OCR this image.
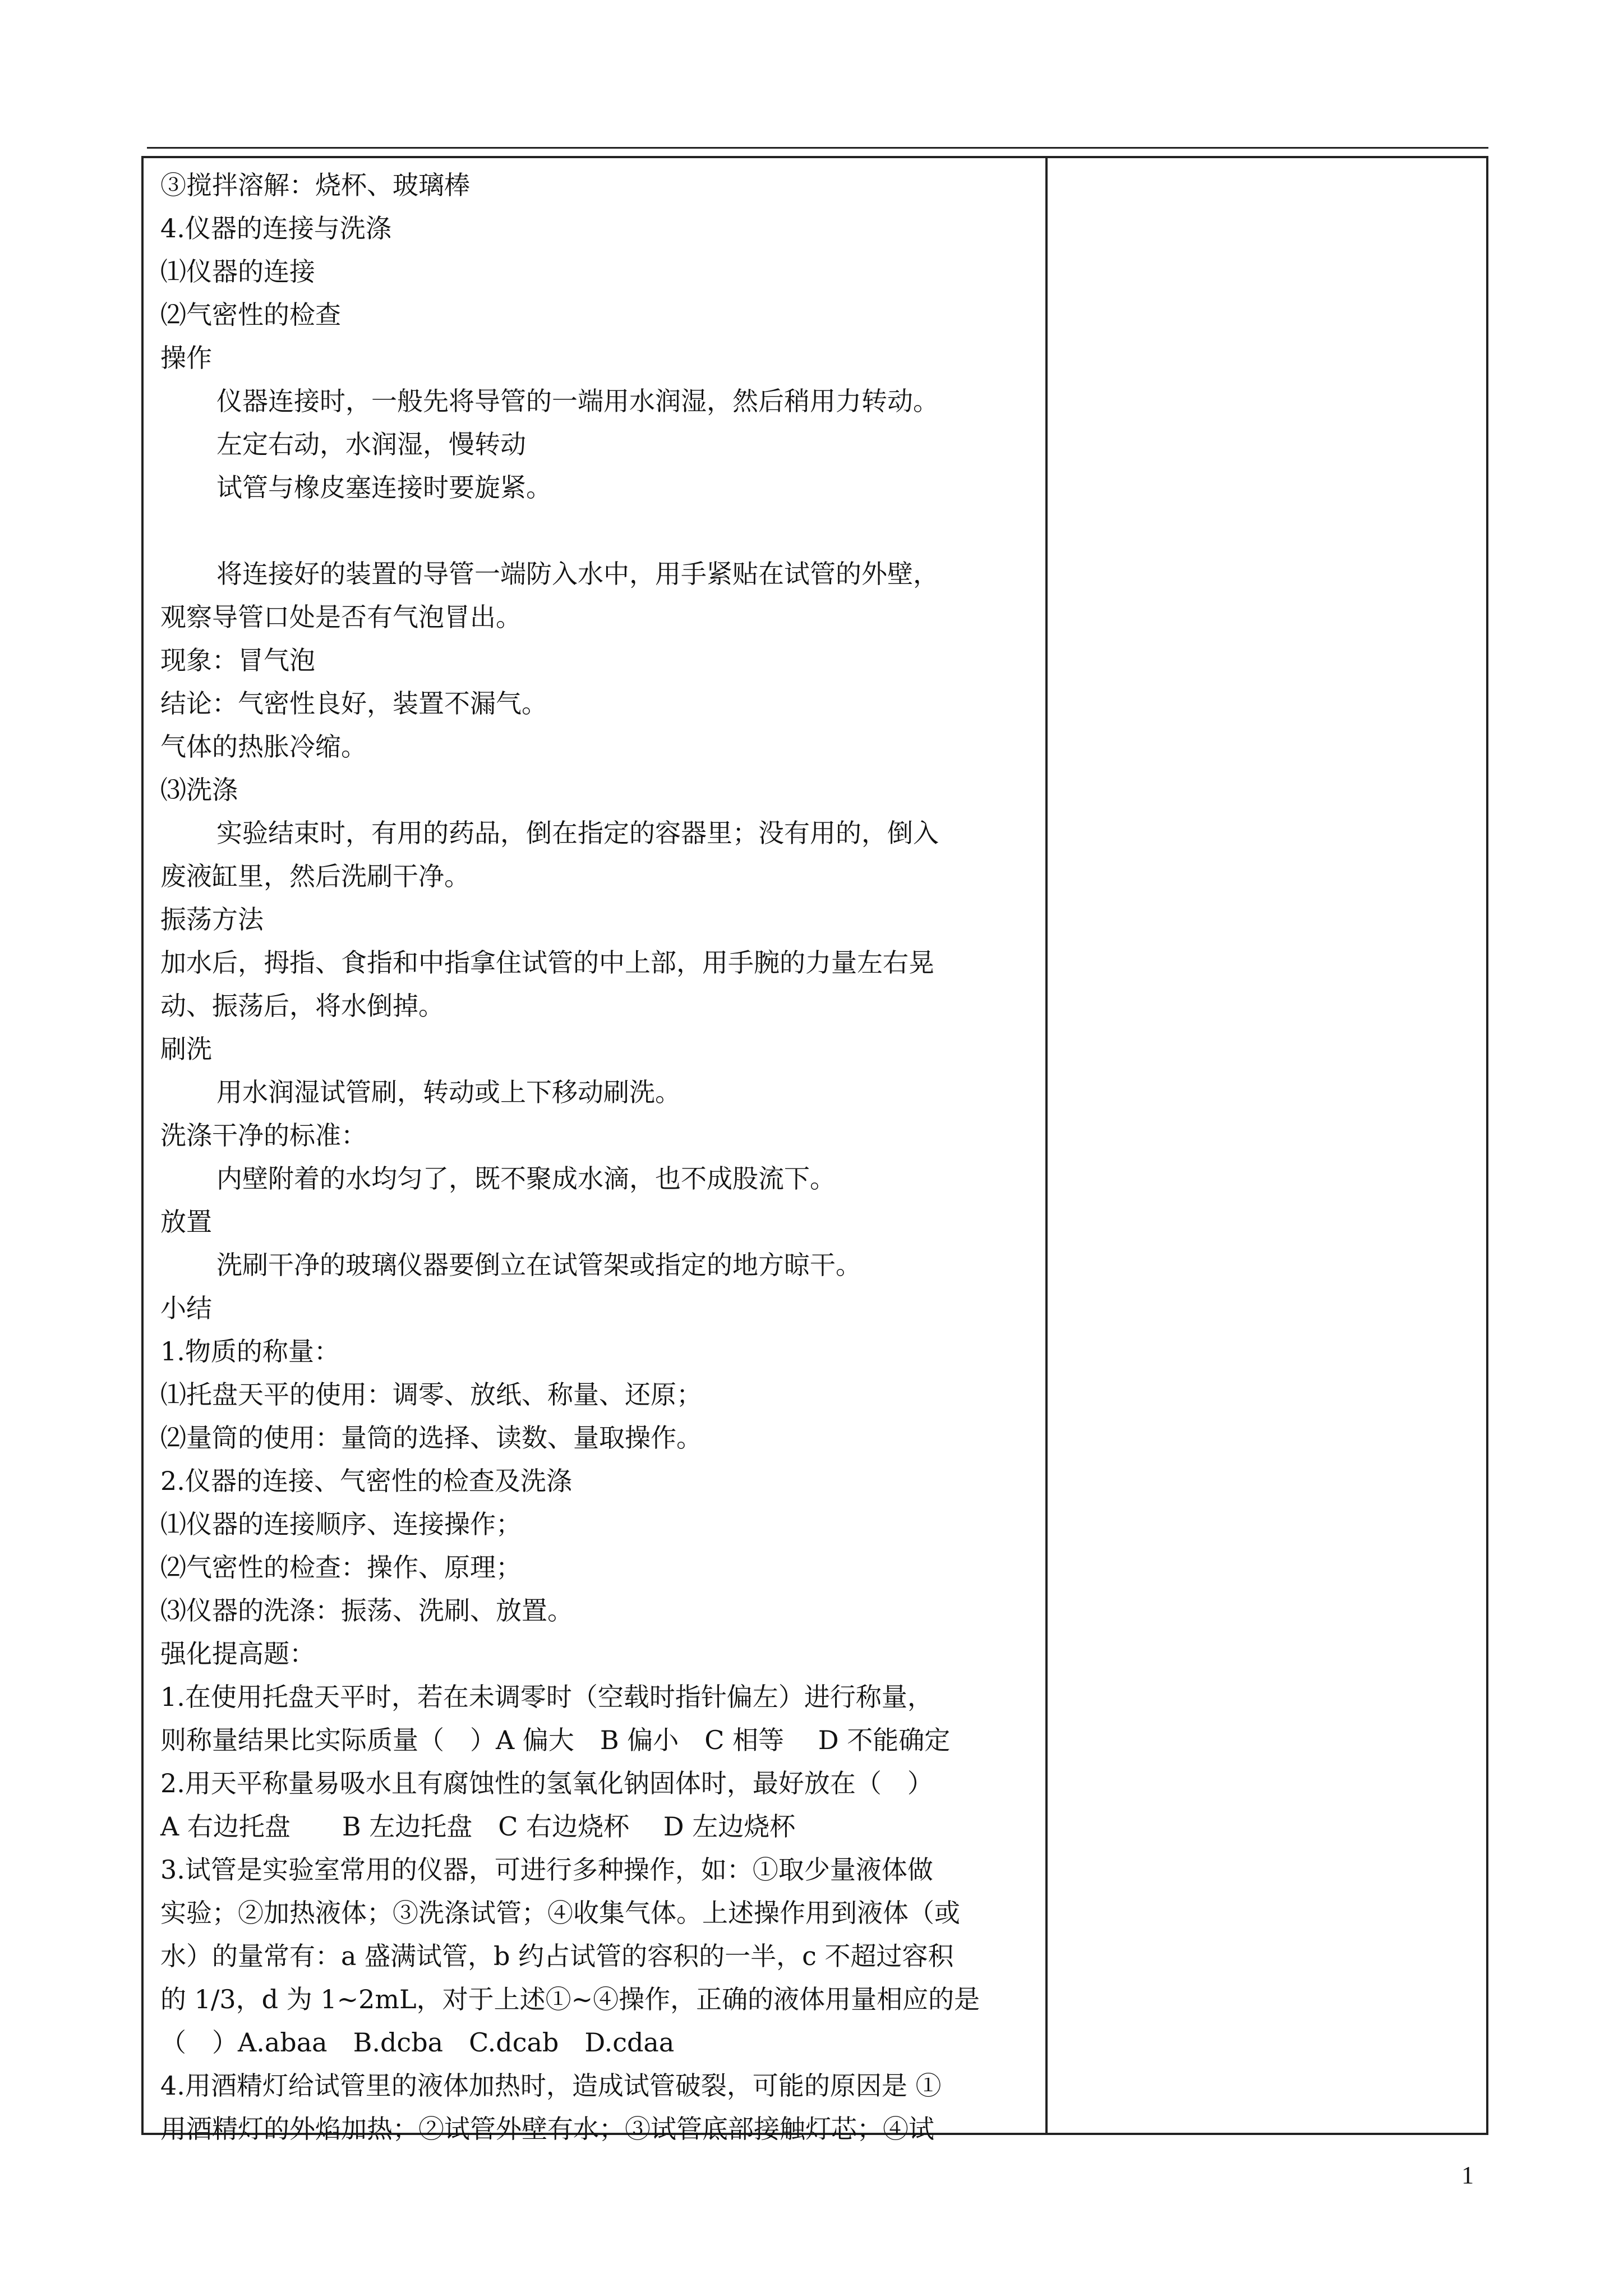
③搅拌溶解：烧杯、玻璃棒
4.仪器的连接与洗涤
⑴仪器的连接
⑵气密性的检查
操作
仪器连接时，一般先将导管的一端用水润湿，然后稍用力转动。
左定右动，水润湿，慢转动
试管与橡皮塞连接时要旋紧。
将连接好的装置的导管一端防入水中，用手紧贴在试管的外壁，
观察导管口处是否有气泡冒出。
现象：冒气泡
结论：气密性良好，装置不漏气。
气体的热胀冷缩。
⑶洗涤
实验结束时，有用的药品，倒在指定的容器里；没有用的，倒入
废液缸里，然后洗刷干净。
振荡方法
加水后，拇指、食指和中指拿住试管的中上部，用手腕的力量左右晃
动、振荡后，将水倒掉。
刷洗
用水润湿试管刷，转动或上下移动刷洗。
洗涤干净的标准：
内壁附着的水均匀了，既不聚成水滴，也不成股流下。
放置
洗刷干净的玻璃仪器要倒立在试管架或指定的地方晾干。
小结
1.物质的称量：
⑴托盘天平的使用：调零、放纸、称量、还原；
⑵量筒的使用：量筒的选择、读数、量取操作。
2.仪器的连接、气密性的检查及洗涤
⑴仪器的连接顺序、连接操作；
⑵气密性的检查：操作、原理；
⑶仪器的洗涤：振荡、洗刷、放置。
强化提高题：
1.在使用托盘天平时，若在未调零时（空载时指针偏左）进行称量，
则称量结果比实际质量（　）A 偏大　B 偏小　C 相等　 D 不能确定
2.用天平称量易吸水且有腐蚀性的氢氧化钠固体时，最好放在（　）
A 右边托盘　　B 左边托盘　C 右边烧杯　 D 左边烧杯
3.试管是实验室常用的仪器，可进行多种操作，如：①取少量液体做
实验；②加热液体；③洗涤试管；④收集气体。上述操作用到液体（或
水）的量常有：a 盛满试管，b 约占试管的容积的一半，c 不超过容积
的 1/3，d 为 1~2mL，对于上述①~④操作，正确的液体用量相应的是
（　）A.abaa　B.dcba　C.dcab　D.cdaa
4.用酒精灯给试管里的液体加热时，造成试管破裂，可能的原因是 ①
用酒精灯的外焰加热；②试管外壁有水；③试管底部接触灯芯；④试
1
